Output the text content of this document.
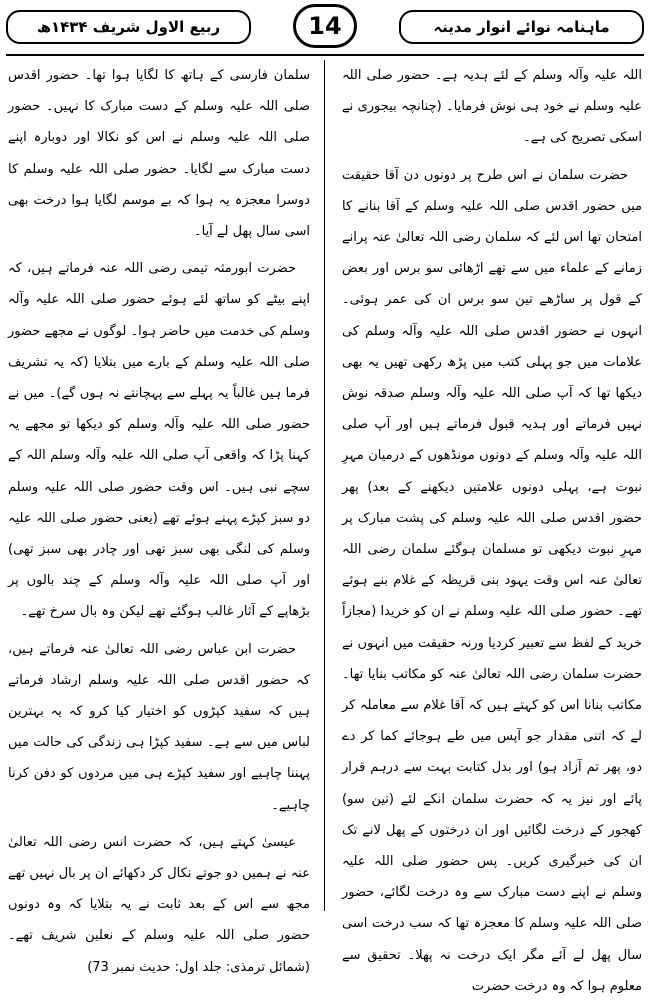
ماہنامہ نوائے انوار مدینہ
14
ربیع الاول شریف ۱۴۳۴ھ

اللہ علیہ وآلہ وسلم کے لئے ہدیہ ہے۔ حضور صلی اللہ علیہ وسلم نے خود ہی نوش فرمایا۔ (چنانچہ بیجوری نے اسکی تصریح کی ہے۔

حضرت سلمان نے اس طرح پر دونوں دن آقا حقیقت میں حضور اقدس صلی اللہ علیہ وسلم کے آقا بنانے کا امتحان تھا اس لئے کہ سلمان رضی اللہ تعالیٰ عنہ پرانے زمانے کے علماء میں سے تھے اڑھائی سو برس اور بعض کے قول پر ساڑھے تین سو برس ان کی عمر ہوئی۔ انہوں نے حضور اقدس صلی اللہ علیہ وآلہ وسلم کی علامات میں جو پہلی کتب میں پڑھ رکھی تھیں یہ بھی دیکھا تھا کہ آپ صلی اللہ علیہ وآلہ وسلم صدقہ نوش نہیں فرماتے اور ہدیہ قبول فرماتے ہیں اور آپ صلی اللہ علیہ وآلہ وسلم کے دونوں مونڈھوں کے درمیان مہرِ نبوت ہے، پہلی دونوں علامتیں دیکھنے کے بعد) پھر حضور اقدس صلی اللہ علیہ وسلم کی پشت مبارک پر مہرِ نبوت دیکھی تو مسلمان ہوگئے سلمان رضی اللہ تعالیٰ عنہ اس وقت یہود بنی قریظہ کے غلام بنے ہوئے تھے۔ حضور صلی اللہ علیہ وسلم نے ان کو خریدا (مجازاً خرید کے لفظ سے تعبیر کردیا ورنہ حقیقت میں انہوں نے حضرت سلمان رضی اللہ تعالیٰ عنہ کو مکاتب بنایا تھا۔ مکاتب بنانا اس کو کہتے ہیں کہ آقا غلام سے معاملہ کر لے کہ اتنی مقدار جو آپس میں طے ہوجائے کما کر دے دو، پھر تم آزاد ہو) اور بدل کتابت بہت سے درہم قرار پائے اور نیز یہ کہ حضرت سلمان انکے لئے (تین سو) کھجور کے درخت لگائیں اور ان درختوں کے پھل لانے تک ان کی خبرگیری کریں۔ پس حضور صلی اللہ علیہ وسلم نے اپنے دست مبارک سے وہ درخت لگائے، حضور صلی اللہ علیہ وسلم کا معجزہ تھا کہ سب درخت اسی سال پھل لے آئے مگر ایک درخت نہ پھلا۔ تحقیق سے معلوم ہوا کہ وہ درخت حضرت

سلمان فارسی کے ہاتھ کا لگایا ہوا تھا۔ حضور اقدس صلی اللہ علیہ وسلم کے دست مبارک کا نہیں۔ حضور صلی اللہ علیہ وسلم نے اس کو نکالا اور دوبارہ اپنے دست مبارک سے لگایا۔ حضور صلی اللہ علیہ وسلم کا دوسرا معجزہ یہ ہوا کہ بے موسم لگایا ہوا درخت بھی اسی سال پھل لے آیا۔

حضرت ابورمثہ تیمی رضی اللہ عنہ فرماتے ہیں، کہ اپنے بیٹے کو ساتھ لئے ہوئے حضور صلی اللہ علیہ وآلہ وسلم کی خدمت میں حاضر ہوا۔ لوگوں نے مجھے حضور صلی اللہ علیہ وسلم کے بارے میں بتلایا (کہ یہ تشریف فرما ہیں غالباً یہ پہلے سے پہچانتے نہ ہوں گے)۔ میں نے حضور صلی اللہ علیہ وآلہ وسلم کو دیکھا تو مجھے یہ کہنا پڑا کہ واقعی آپ صلی اللہ علیہ وآلہ وسلم اللہ کے سچے نبی ہیں۔ اس وقت حضور صلی اللہ علیہ وسلم دو سبز کپڑے پہنے ہوئے تھے (یعنی حضور صلی اللہ علیہ وسلم کی لنگی بھی سبز تھی اور چادر بھی سبز تھی) اور آپ صلی اللہ علیہ وآلہ وسلم کے چند بالوں پر بڑھاپے کے آثار غالب ہوگئے تھے لیکن وہ بال سرخ تھے۔

حضرت ابن عباس رضی اللہ تعالیٰ عنہ فرماتے ہیں، کہ حضور اقدس صلی اللہ علیہ وسلم ارشاد فرماتے ہیں کہ سفید کپڑوں کو اختیار کیا کرو کہ یہ بہترین لباس میں سے ہے۔ سفید کپڑا ہی زندگی کی حالت میں پہننا چاہیے اور سفید کپڑے ہی میں مردوں کو دفن کرنا چاہیے۔

عیسیٰ کہتے ہیں، کہ حضرت انس رضی اللہ تعالیٰ عنہ نے ہمیں دو جوتے نکال کر دکھائے ان پر بال نہیں تھے مجھ سے اس کے بعد ثابت نے یہ بتلایا کہ وہ دونوں حضور صلی اللہ علیہ وسلم کے نعلین شریف تھے۔ (شمائل ترمذی: جلد اول: حدیث نمبر 73)
